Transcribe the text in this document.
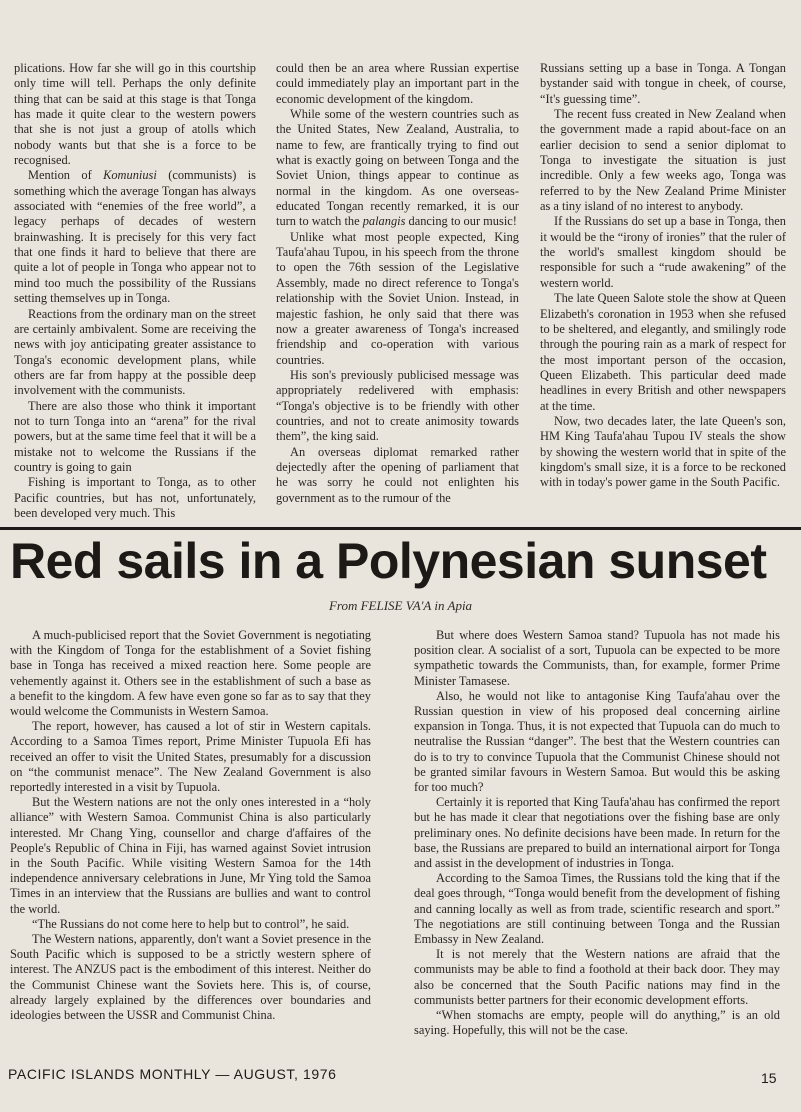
plications. How far she will go in this courtship only time will tell. Perhaps the only definite thing that can be said at this stage is that Tonga has made it quite clear to the western powers that she is not just a group of atolls which nobody wants but that she is a force to be recognised.

Mention of Komuniusi (communists) is something which the average Tongan has always associated with “enemies of the free world”, a legacy perhaps of decades of western brainwashing. It is precisely for this very fact that one finds it hard to believe that there are quite a lot of people in Tonga who appear not to mind too much the possibility of the Russians setting themselves up in Tonga.

Reactions from the ordinary man on the street are certainly ambivalent. Some are receiving the news with joy anticipating greater assistance to Tonga's economic development plans, while others are far from happy at the possible deep involvement with the communists.

There are also those who think it important not to turn Tonga into an “arena” for the rival powers, but at the same time feel that it will be a mistake not to welcome the Russians if the country is going to gain

Fishing is important to Tonga, as to other Pacific countries, but has not, unfortunately, been developed very much. This

could then be an area where Russian expertise could immediately play an important part in the economic development of the kingdom.

While some of the western countries such as the United States, New Zealand, Australia, to name to few, are frantically trying to find out what is exactly going on between Tonga and the Soviet Union, things appear to continue as normal in the kingdom. As one overseas-educated Tongan recently remarked, it is our turn to watch the palangis dancing to our music!

Unlike what most people expected, King Taufa'ahau Tupou, in his speech from the throne to open the 76th session of the Legislative Assembly, made no direct reference to Tonga's relationship with the Soviet Union. Instead, in majestic fashion, he only said that there was now a greater awareness of Tonga's increased friendship and co-operation with various countries.

His son's previously publicised message was appropriately redelivered with emphasis: “Tonga's objective is to be friendly with other countries, and not to create animosity towards them”, the king said.

An overseas diplomat remarked rather dejectedly after the opening of parliament that he was sorry he could not enlighten his government as to the rumour of the

Russians setting up a base in Tonga. A Tongan bystander said with tongue in cheek, of course, “It's guessing time”.

The recent fuss created in New Zealand when the government made a rapid about-face on an earlier decision to send a senior diplomat to Tonga to investigate the situation is just incredible. Only a few weeks ago, Tonga was referred to by the New Zealand Prime Minister as a tiny island of no interest to anybody.

If the Russians do set up a base in Tonga, then it would be the “irony of ironies” that the ruler of the world's smallest kingdom should be responsible for such a “rude awakening” of the western world.

The late Queen Salote stole the show at Queen Elizabeth's coronation in 1953 when she refused to be sheltered, and elegantly, and smilingly rode through the pouring rain as a mark of respect for the most important person of the occasion, Queen Elizabeth. This particular deed made headlines in every British and other newspapers at the time.

Now, two decades later, the late Queen's son, HM King Taufa'ahau Tupou IV steals the show by showing the western world that in spite of the kingdom's small size, it is a force to be reckoned with in today's power game in the South Pacific.

Red sails in a Polynesian sunset
From FELISE VA'A in Apia

A much-publicised report that the Soviet Government is negotiating with the Kingdom of Tonga for the establishment of a Soviet fishing base in Tonga has received a mixed reaction here. Some people are vehemently against it. Others see in the establishment of such a base as a benefit to the kingdom. A few have even gone so far as to say that they would welcome the Communists in Western Samoa.

The report, however, has caused a lot of stir in Western capitals. According to a Samoa Times report, Prime Minister Tupuola Efi has received an offer to visit the United States, presumably for a discussion on “the communist menace”. The New Zealand Government is also reportedly interested in a visit by Tupuola.

But the Western nations are not the only ones interested in a “holy alliance” with Western Samoa. Communist China is also particularly interested. Mr Chang Ying, counsellor and charge d'affaires of the People's Republic of China in Fiji, has warned against Soviet intrusion in the South Pacific. While visiting Western Samoa for the 14th independence anniversary celebrations in June, Mr Ying told the Samoa Times in an interview that the Russians are bullies and want to control the world.

“The Russians do not come here to help but to control”, he said.

The Western nations, apparently, don't want a Soviet presence in the South Pacific which is supposed to be a strictly western sphere of interest. The ANZUS pact is the embodiment of this interest. Neither do the Communist Chinese want the Soviets here. This is, of course, already largely explained by the differences over boundaries and ideologies between the USSR and Communist China.

But where does Western Samoa stand? Tupuola has not made his position clear. A socialist of a sort, Tupuola can be expected to be more sympathetic towards the Communists, than, for example, former Prime Minister Tamasese.

Also, he would not like to antagonise King Taufa'ahau over the Russian question in view of his proposed deal concerning airline expansion in Tonga. Thus, it is not expected that Tupuola can do much to neutralise the Russian “danger”. The best that the Western countries can do is to try to convince Tupuola that the Communist Chinese should not be granted similar favours in Western Samoa. But would this be asking for too much?

Certainly it is reported that King Taufa'ahau has confirmed the report but he has made it clear that negotiations over the fishing base are only preliminary ones. No definite decisions have been made. In return for the base, the Russians are prepared to build an international airport for Tonga and assist in the development of industries in Tonga.

According to the Samoa Times, the Russians told the king that if the deal goes through, “Tonga would benefit from the development of fishing and canning locally as well as from trade, scientific research and sport.” The negotiations are still continuing between Tonga and the Russian Embassy in New Zealand.

It is not merely that the Western nations are afraid that the communists may be able to find a foothold at their back door. They may also be concerned that the South Pacific nations may find in the communists better partners for their economic development efforts.

“When stomachs are empty, people will do anything,” is an old saying. Hopefully, this will not be the case.

PACIFIC ISLANDS MONTHLY — AUGUST, 1976	15
